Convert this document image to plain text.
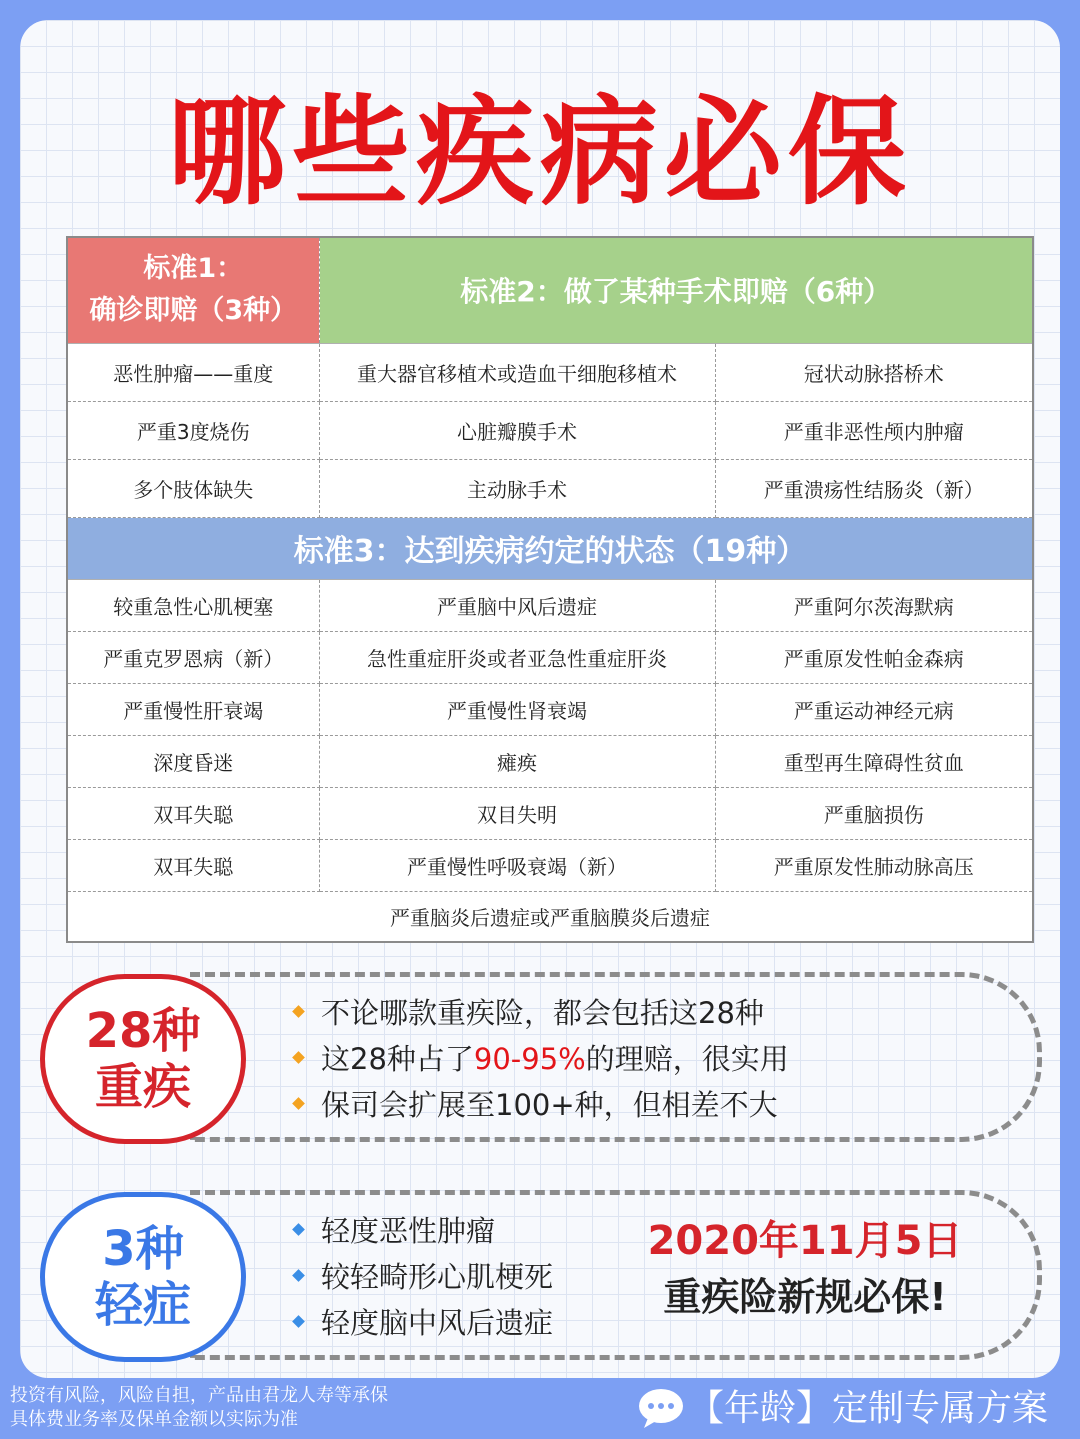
哪些疾病必保
标准1：
确诊即赔（3种）	标准2：做了某种手术即赔（6种）	
恶性肿瘤——重度	重大器官移植术或造血干细胞移植术	冠状动脉搭桥术
严重3度烧伤	心脏瓣膜手术	严重非恶性颅内肿瘤
多个肢体缺失	主动脉手术	严重溃疡性结肠炎（新）
标准3：达到疾病约定的状态（19种）		
较重急性心肌梗塞	严重脑中风后遗症	严重阿尔茨海默病
严重克罗恩病（新）	急性重症肝炎或者亚急性重症肝炎	严重原发性帕金森病
严重慢性肝衰竭	严重慢性肾衰竭	严重运动神经元病
深度昏迷	瘫痪	重型再生障碍性贫血
双耳失聪	双目失明	严重脑损伤
双耳失聪	严重慢性呼吸衰竭（新）	严重原发性肺动脉高压
严重脑炎后遗症或严重脑膜炎后遗症		
28种
重疾
不论哪款重疾险，都会包括这28种
这28种占了90-95%的理赔，很实用
保司会扩展至100+种，但相差不大
3种
轻症
轻度恶性肿瘤
较轻畸形心肌梗死
轻度脑中风后遗症
2020年11月5日
重疾险新规必保!
投资有风险，风险自担，产品由君龙人寿等承保
具体费业务率及保单金额以实际为准	【年龄】定制专属方案
